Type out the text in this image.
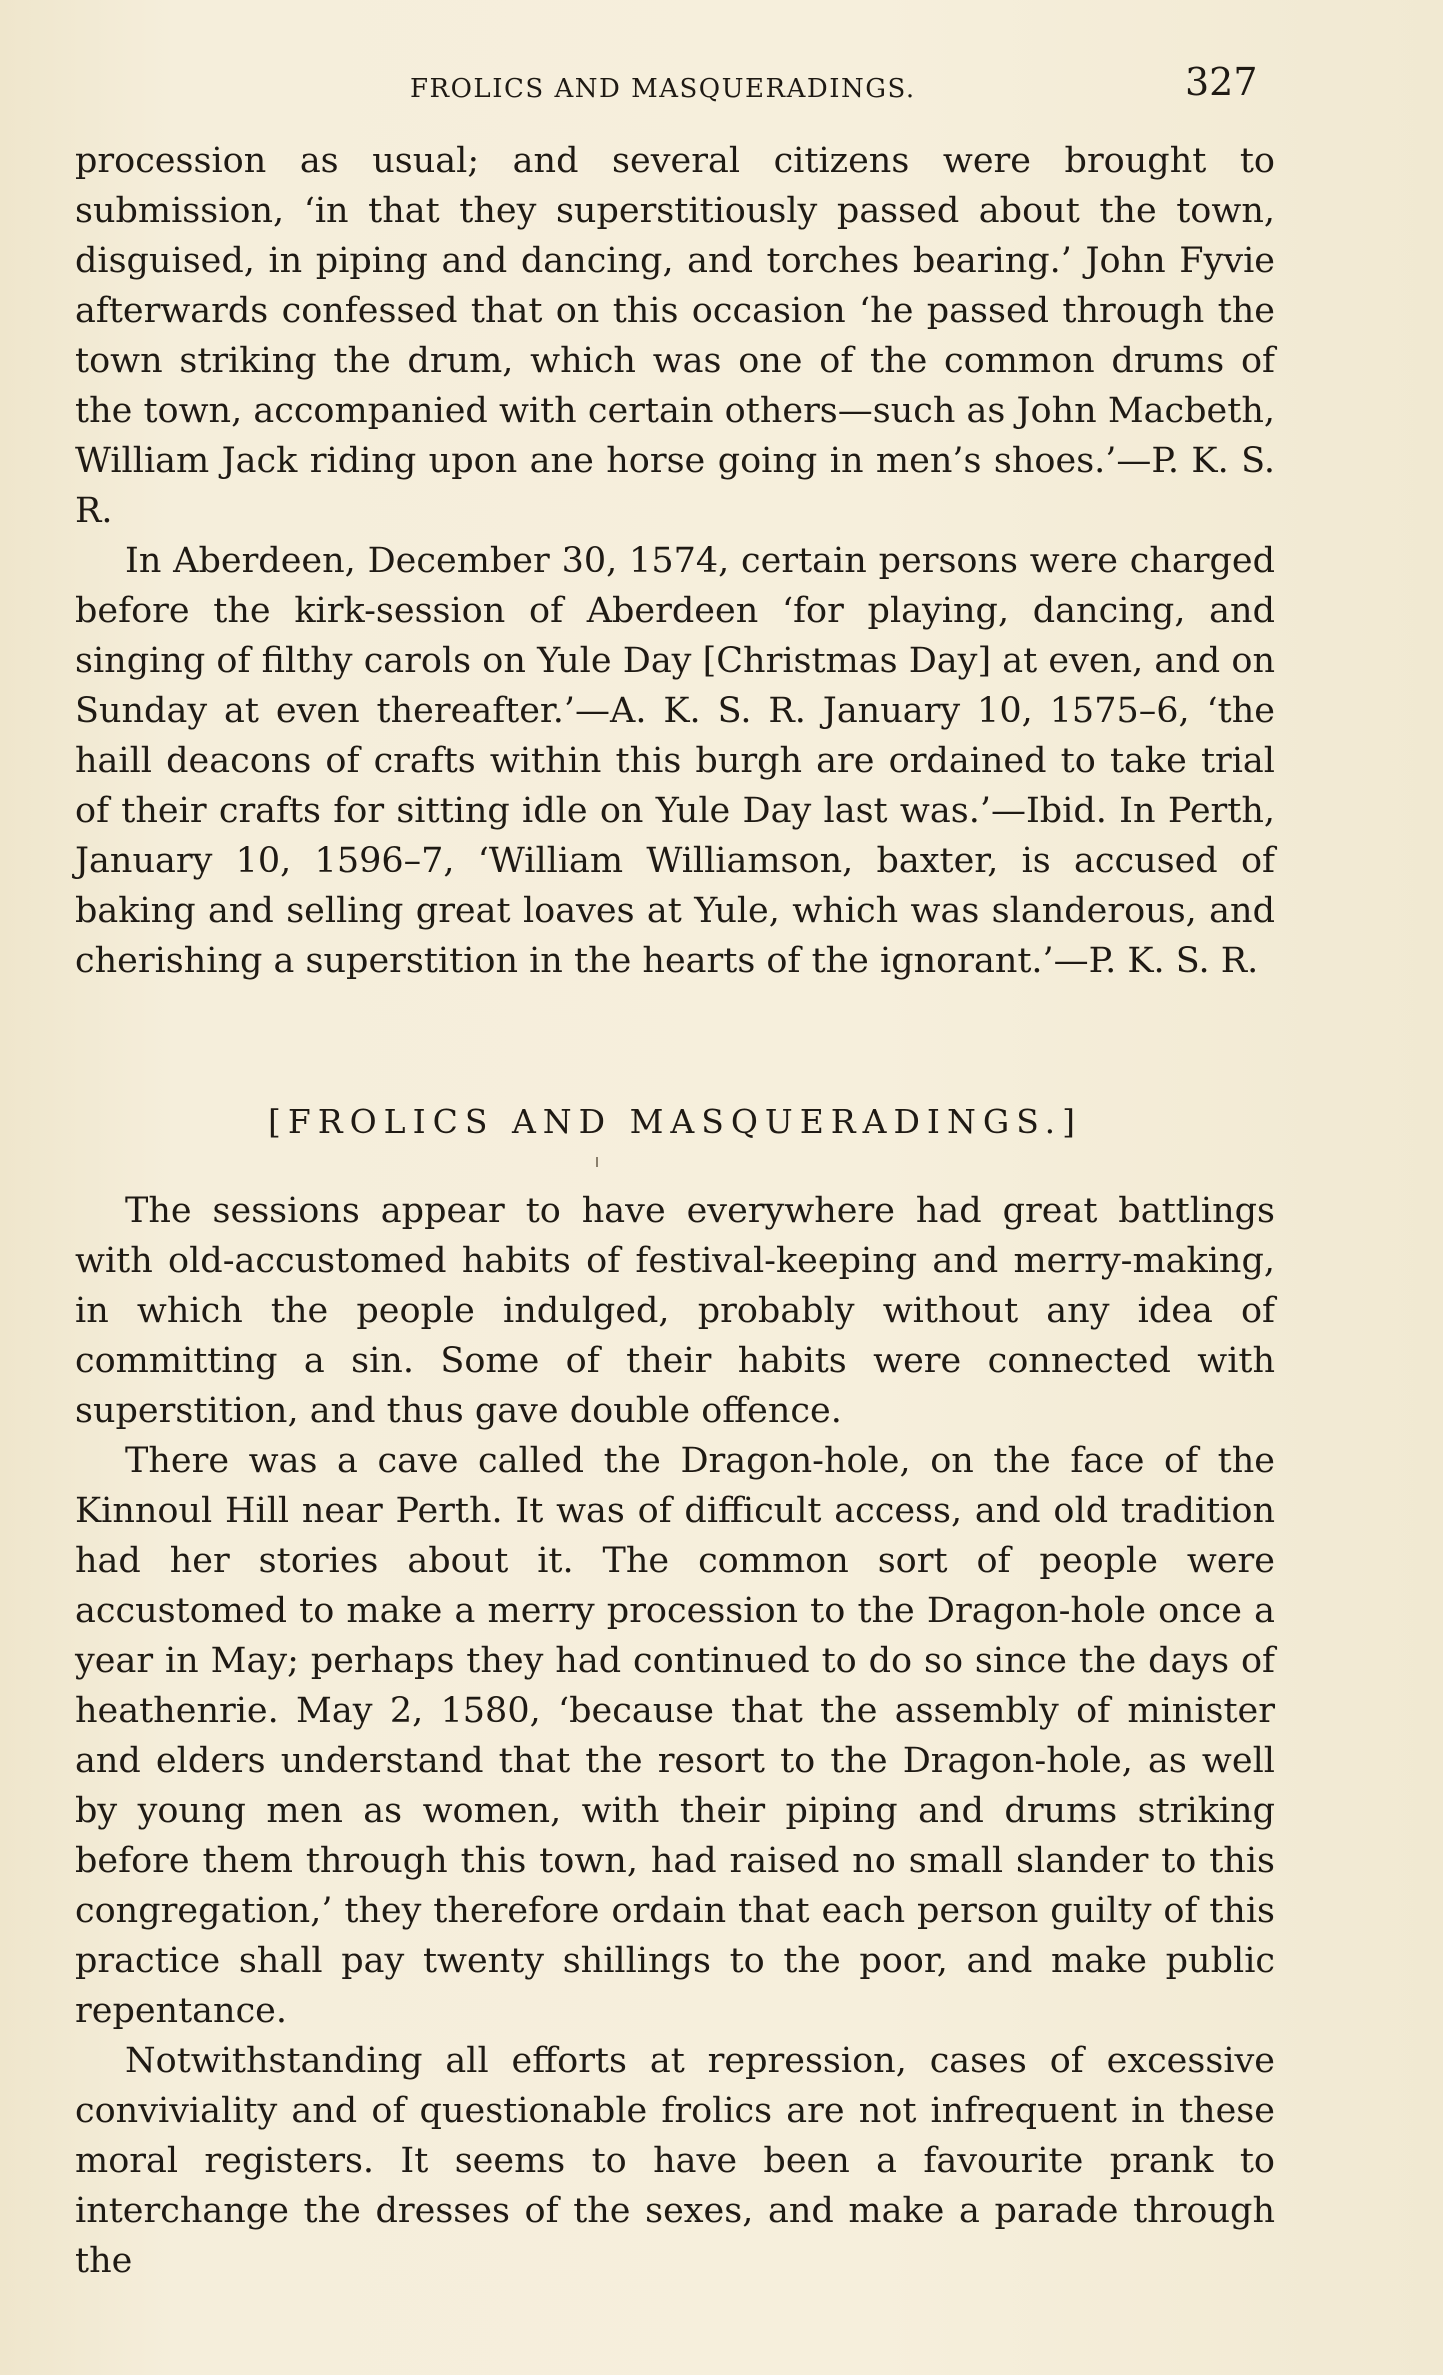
FROLICS AND MASQUERADINGS.	327

procession as usual; and several citizens were brought to submission, ‘in that they superstitiously passed about the town, disguised, in piping and dancing, and torches bearing.’ John Fyvie afterwards confessed that on this occasion ‘he passed through the town striking the drum, which was one of the common drums of the town, accompanied with certain others—such as John Macbeth, William Jack riding upon ane horse going in men’s shoes.’—P. K. S. R.

In Aberdeen, December 30, 1574, certain persons were charged before the kirk-session of Aberdeen ‘for playing, dancing, and singing of filthy carols on Yule Day [Christmas Day] at even, and on Sunday at even thereafter.’—A. K. S. R. January 10, 1575–6, ‘the haill deacons of crafts within this burgh are ordained to take trial of their crafts for sitting idle on Yule Day last was.’—Ibid. In Perth, January 10, 1596–7, ‘William Williamson, baxter, is accused of baking and selling great loaves at Yule, which was slanderous, and cherishing a superstition in the hearts of the ignorant.’—P. K. S. R.

[FROLICS AND MASQUERADINGS.]

The sessions appear to have everywhere had great battlings with old-accustomed habits of festival-keeping and merry-making, in which the people indulged, probably without any idea of committing a sin. Some of their habits were connected with superstition, and thus gave double offence.

There was a cave called the Dragon-hole, on the face of the Kinnoul Hill near Perth. It was of difficult access, and old tradition had her stories about it. The common sort of people were accustomed to make a merry procession to the Dragon-hole once a year in May; perhaps they had continued to do so since the days of heathenrie. May 2, 1580, ‘because that the assembly of minister and elders understand that the resort to the Dragon-hole, as well by young men as women, with their piping and drums striking before them through this town, had raised no small slander to this congregation,’ they therefore ordain that each person guilty of this practice shall pay twenty shillings to the poor, and make public repentance.

Notwithstanding all efforts at repression, cases of excessive conviviality and of questionable frolics are not infrequent in these moral registers. It seems to have been a favourite prank to interchange the dresses of the sexes, and make a parade through the
